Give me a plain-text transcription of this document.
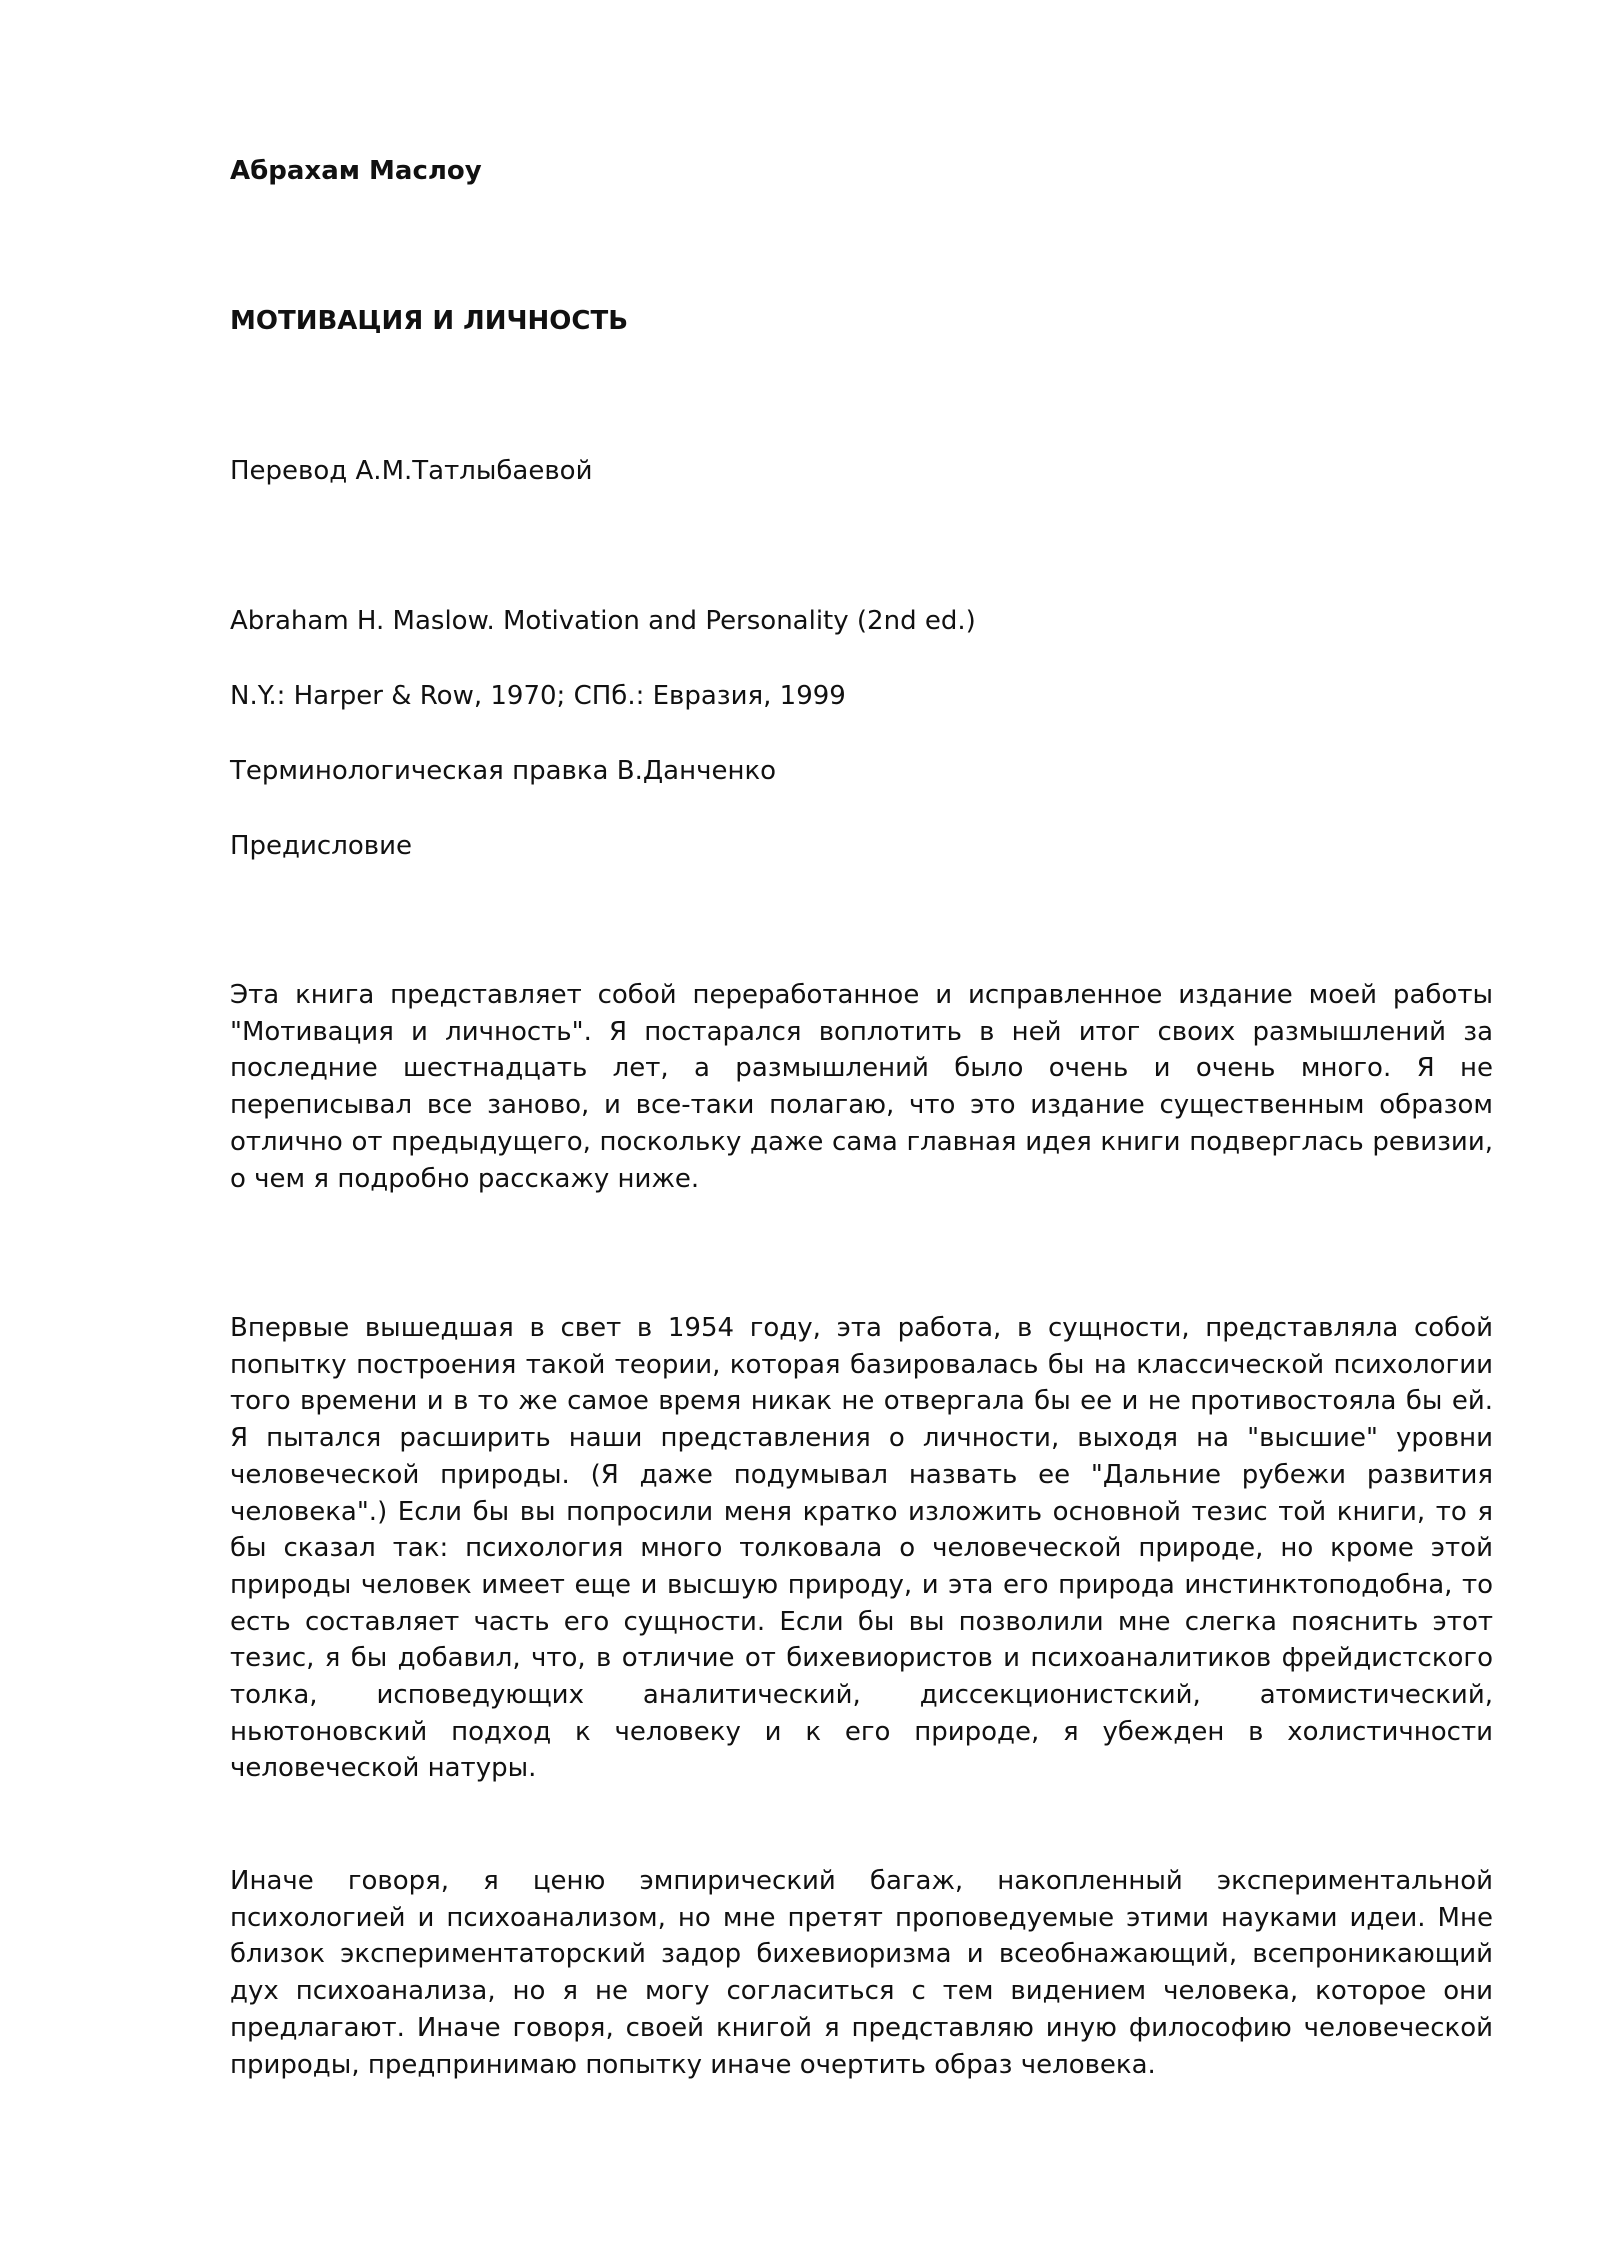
Абрахам Маслоу

МОТИВАЦИЯ И ЛИЧНОСТЬ

Перевод А.М.Татлыбаевой

Abraham H. Maslow. Motivation and Personality (2nd ed.)

N.Y.: Harper & Row, 1970; СПб.: Евразия, 1999

Терминологическая правка В.Данченко

Предисловие

Эта книга представляет собой переработанное и исправленное издание моей работы "Мотивация и личность". Я постарался воплотить в ней итог своих размышлений за последние шестнадцать лет, а размышлений было очень и очень много. Я не переписывал все заново, и все-таки полагаю, что это издание существенным образом отлично от предыдущего, поскольку даже сама главная идея книги подверглась ревизии, о чем я подробно расскажу ниже.

Впервые вышедшая в свет в 1954 году, эта работа, в сущности, представляла собой попытку построения такой теории, которая базировалась бы на классической психологии того времени и в то же самое время никак не отвергала бы ее и не противостояла бы ей. Я пытался расширить наши представления о личности, выходя на "высшие" уровни человеческой природы. (Я даже подумывал назвать ее "Дальние рубежи развития человека".) Если бы вы попросили меня кратко изложить основной тезис той книги, то я бы сказал так: психология много толковала о человеческой природе, но кроме этой природы человек имеет еще и высшую природу, и эта его природа инстинктоподобна, то есть составляет часть его сущности. Если бы вы позволили мне слегка пояснить этот тезис, я бы добавил, что, в отличие от бихевиористов и психоаналитиков фрейдистского толка, исповедующих аналитический, диссекционистский, атомистический, ньютоновский подход к человеку и к его природе, я убежден в холистичности человеческой натуры.

Иначе говоря, я ценю эмпирический багаж, накопленный экспериментальной психологией и психоанализом, но мне претят проповедуемые этими науками идеи. Мне близок экспериментаторский задор бихевиоризма и всеобнажающий, всепроникающий дух психоанализа, но я не могу согласиться с тем видением человека, которое они предлагают. Иначе говоря, своей книгой я представляю иную философию человеческой природы, предпринимаю попытку иначе очертить образ человека.
